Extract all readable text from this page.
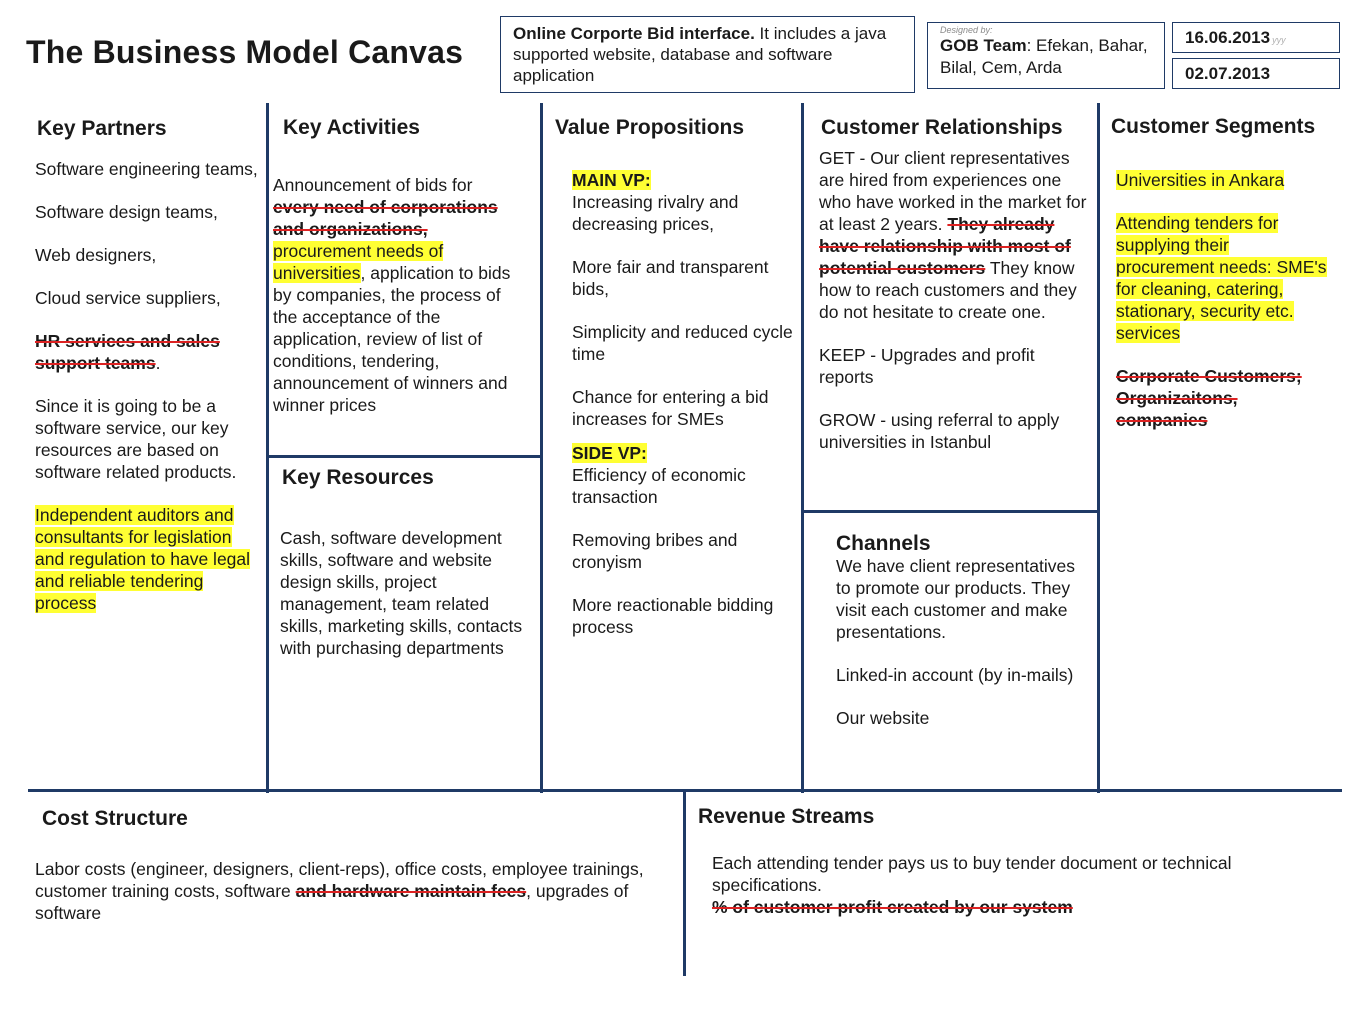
The Business Model Canvas
Online Corporte Bid interface. It includes a java supported website, database and software application
Designed by:
GOB Team: Efekan, Bahar, Bilal, Cem, Arda
16.06.2013 yyy
02.07.2013
Key Partners

Software engineering teams,

Software design teams,

Web designers,

Cloud service suppliers,

HR services and sales support teams.

Since it is going to be a software service, our key resources are based on software related products.

Independent auditors and consultants for legislation and regulation to have legal and reliable tendering process

Key Activities
Announcement of bids for every need of corporations and organizations, procurement needs of universities, application to bids by companies, the process of the acceptance of the application, review of list of conditions, tendering, announcement of winners and winner prices
Key Resources
Cash, software development skills, software and website design skills, project management, team related skills, marketing skills, contacts with purchasing departments
Value Propositions
MAIN VP:

Increasing rivalry and decreasing prices,

More fair and transparent bids,

Simplicity and reduced cycle time

Chance for entering a bid increases for SMEs

SIDE VP:

Efficiency of economic transaction

Removing bribes and cronyism

More reactionable bidding process

Customer Relationships

GET - Our client representatives are hired from experiences one who have worked in the market for at least 2 years. They already have relationship with most of potential customers They know how to reach customers and they do not hesitate to create one.

KEEP - Upgrades and profit reports

GROW - using referral to apply universities in Istanbul

Channels

We have client representatives to promote our products. They visit each customer and make presentations.

Linked-in account (by in-mails)

Our website

Customer Segments

Universities in Ankara

Attending tenders for supplying their procurement needs: SME's for cleaning, catering, stationary, security etc. services

Corporate Customers; Organizaitons, companies

Cost Structure
Labor costs (engineer, designers, client-reps), office costs, employee trainings, customer training costs, software and hardware maintain fees, upgrades of software
Revenue Streams
Each attending tender pays us to buy tender document or technical specifications.
% of customer profit created by our system
